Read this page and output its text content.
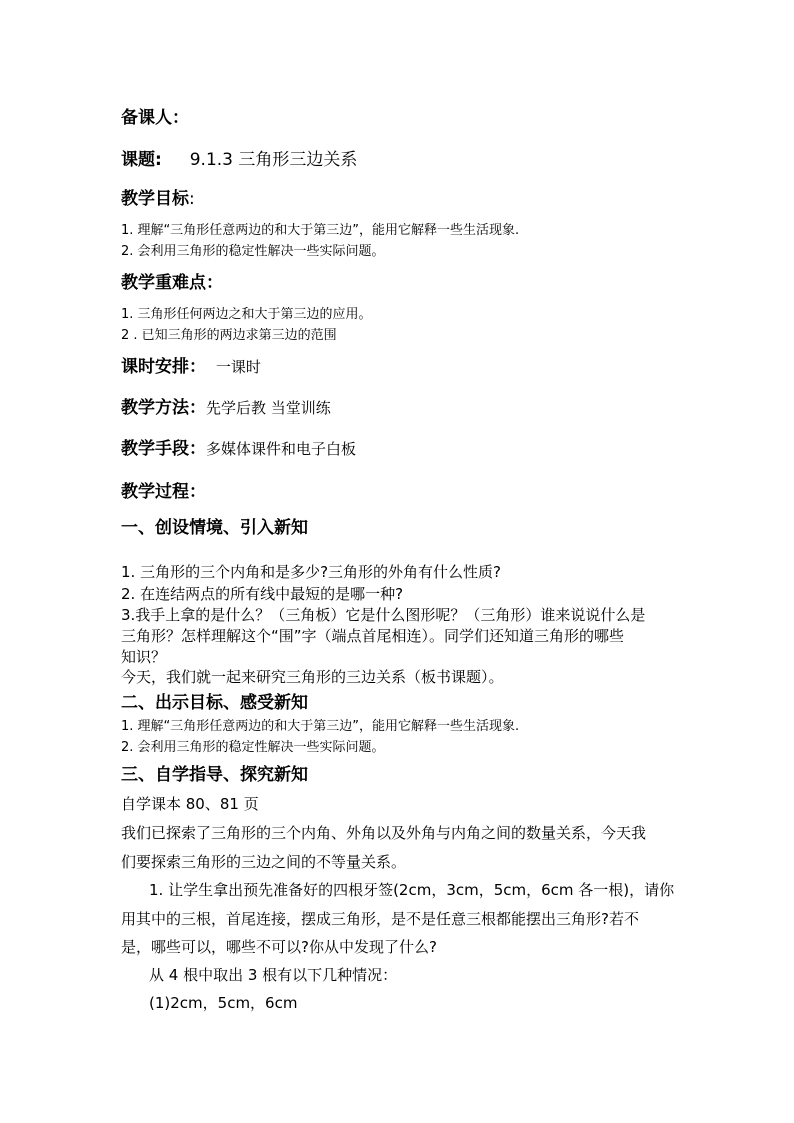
备课人：
课题: 9.1.3 三角形三边关系
教学目标:
1. 理解“三角形任意两边的和大于第三边”，能用它解释一些生活现象.
2. 会利用三角形的稳定性解决一些实际问题。
教学重难点：
1. 三角形任何两边之和大于第三边的应用。
2 . 已知三角形的两边求第三边的范围
课时安排： 一课时
教学方法：先学后教 当堂训练
教学手段：多媒体课件和电子白板
教学过程：
一、创设情境、引入新知
1. 三角形的三个内角和是多少?三角形的外角有什么性质?
2. 在连结两点的所有线中最短的是哪一种?
3.我手上拿的是什么？（三角板）它是什么图形呢？（三角形）谁来说说什么是
三角形？怎样理解这个“围”字（端点首尾相连）。同学们还知道三角形的哪些
知识？
今天，我们就一起来研究三角形的三边关系（板书课题）。
二、出示目标、感受新知
1. 理解“三角形任意两边的和大于第三边”，能用它解释一些生活现象.
2. 会利用三角形的稳定性解决一些实际问题。
三、自学指导、探究新知
自学课本 80、81 页
我们已探索了三角形的三个内角、外角以及外角与内角之间的数量关系，今天我
们要探索三角形的三边之间的不等量关系。
1. 让学生拿出预先准备好的四根牙签(2cm，3cm，5cm，6cm 各一根)，请你
用其中的三根，首尾连接，摆成三角形，是不是任意三根都能摆出三角形?若不
是，哪些可以，哪些不可以?你从中发现了什么?
从 4 根中取出 3 根有以下几种情况：
(1)2cm，5cm，6cm
